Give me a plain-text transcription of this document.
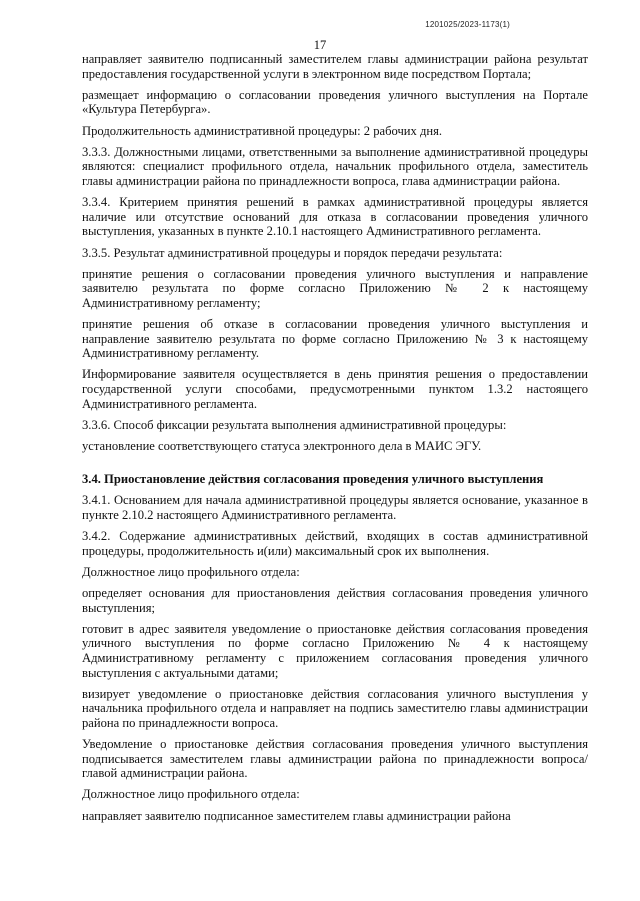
1201025/2023-1173(1)
17

направляет заявителю подписанный заместителем главы администрации района результат предоставления государственной услуги в электронном виде посредством Портала;

размещает информацию о согласовании проведения уличного выступления на Портале «Культура Петербурга».

Продолжительность административной процедуры: 2 рабочих дня.

3.3.3. Должностными лицами, ответственными за выполнение административной процедуры являются: специалист профильного отдела, начальник профильного отдела, заместитель главы администрации района по принадлежности вопроса, глава администрации района.

3.3.4. Критерием принятия решений в рамках административной процедуры является наличие или отсутствие оснований для отказа в согласовании проведения уличного выступления, указанных в пункте 2.10.1 настоящего Административного регламента.

3.3.5. Результат административной процедуры и порядок передачи результата:

принятие решения о согласовании проведения уличного выступления и направление заявителю результата по форме согласно Приложению № 2 к настоящему Административному регламенту;

принятие решения об отказе в согласовании проведения уличного выступления и направление заявителю результата по форме согласно Приложению № 3 к настоящему Административному регламенту.

Информирование заявителя осуществляется в день принятия решения о предоставлении государственной услуги способами, предусмотренными пунктом 1.3.2 настоящего Административного регламента.

3.3.6. Способ фиксации результата выполнения административной процедуры:

установление соответствующего статуса электронного дела в МАИС ЭГУ.

3.4. Приостановление действия согласования проведения уличного выступления

3.4.1. Основанием для начала административной процедуры является основание, указанное в пункте 2.10.2 настоящего Административного регламента.

3.4.2. Содержание административных действий, входящих в состав административной процедуры, продолжительность и(или) максимальный срок их выполнения.

Должностное лицо профильного отдела:

определяет основания для приостановления действия согласования проведения уличного выступления;

готовит в адрес заявителя уведомление о приостановке действия согласования проведения уличного выступления по форме согласно Приложению № 4 к настоящему Административному регламенту с приложением согласования проведения уличного выступления с актуальными датами;

визирует уведомление о приостановке действия согласования уличного выступления у начальника профильного отдела и направляет на подпись заместителю главы администрации района по принадлежности вопроса.

Уведомление о приостановке действия согласования проведения уличного выступления подписывается заместителем главы администрации района по принадлежности вопроса/ главой администрации района.

Должностное лицо профильного отдела:

направляет заявителю подписанное заместителем главы администрации района
